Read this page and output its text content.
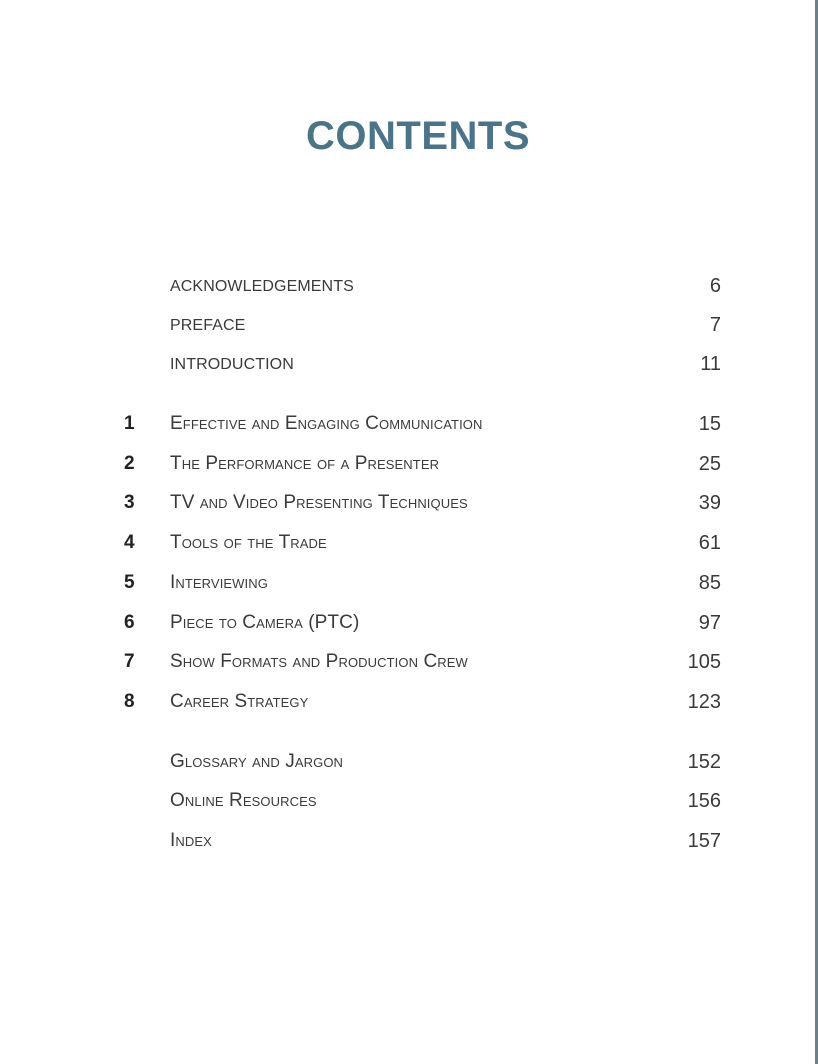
CONTENTS
ACKNOWLEDGEMENTS	6
PREFACE	7
INTRODUCTION	11
1 Effective and Engaging Communication	15
2 The Performance of a Presenter	25
3 TV and Video Presenting Techniques	39
4 Tools of the Trade	61
5 Interviewing	85
6 Piece to Camera (PTC)	97
7 Show Formats and Production Crew	105
8 Career Strategy	123
Glossary and Jargon	152
Online Resources	156
Index	157
